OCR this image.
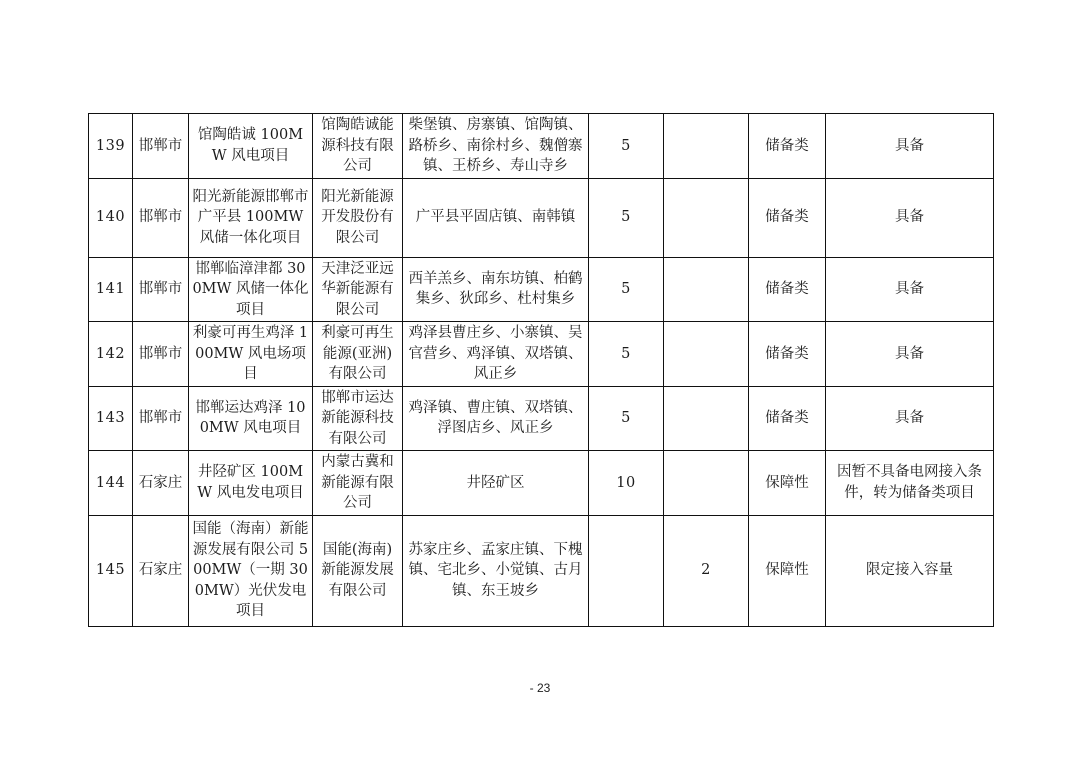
139	邯郸市	馆陶皓诚 100MW 风电项目	馆陶皓诚能源科技有限公司	柴堡镇、房寨镇、馆陶镇、路桥乡、南徐村乡、魏僧寨镇、王桥乡、寿山寺乡	5		储备类	具备
140	邯郸市	阳光新能源邯郸市广平县 100MW 风储一体化项目	阳光新能源开发股份有限公司	广平县平固店镇、南韩镇	5		储备类	具备
141	邯郸市	邯郸临漳津都 300MW 风储一体化项目	天津泛亚远华新能源有限公司	西羊羔乡、南东坊镇、柏鹤集乡、狄邱乡、杜村集乡	5		储备类	具备
142	邯郸市	利豪可再生鸡泽 100MW 风电场项目	利豪可再生能源(亚洲)有限公司	鸡泽县曹庄乡、小寨镇、吴官营乡、鸡泽镇、双塔镇、风正乡	5		储备类	具备
143	邯郸市	邯郸运达鸡泽 100MW 风电项目	邯郸市运达新能源科技有限公司	鸡泽镇、曹庄镇、双塔镇、浮图店乡、风正乡	5		储备类	具备
144	石家庄	井陉矿区 100MW 风电发电项目	内蒙古冀和新能源有限公司	井陉矿区	10		保障性	因暂不具备电网接入条件，转为储备类项目
145	石家庄	国能（海南）新能源发展有限公司 500MW（一期 300MW）光伏发电项目	国能(海南)新能源发展有限公司	苏家庄乡、孟家庄镇、下槐镇、宅北乡、小觉镇、古月镇、东王坡乡		2	保障性	限定接入容量
- 23
